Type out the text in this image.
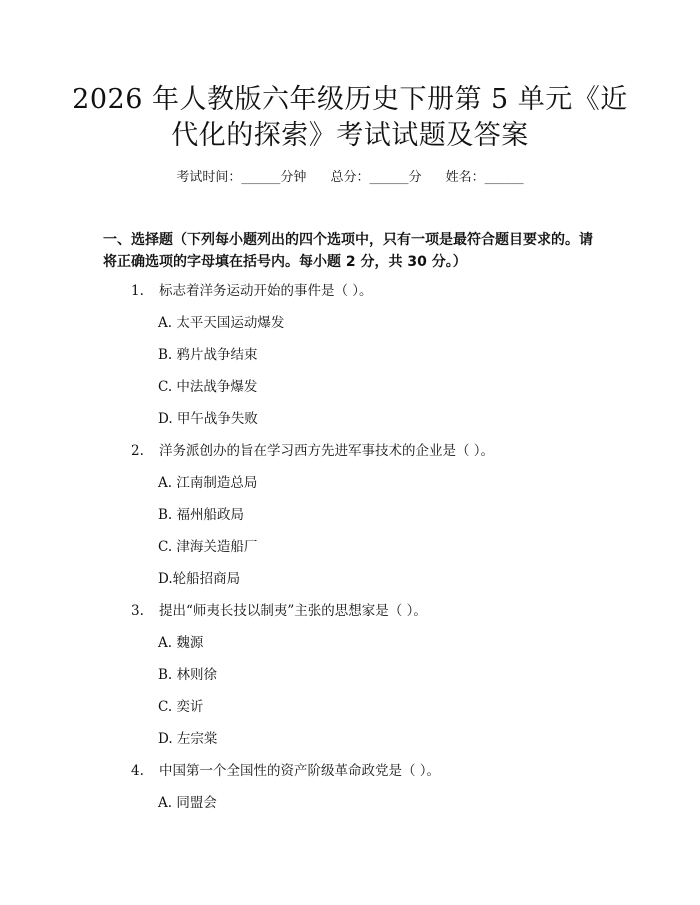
2026 年人教版六年级历史下册第 5 单元《近
代化的探索》考试试题及答案
考试时间：______分钟 总分：______分 姓名：______
一、选择题（下列每小题列出的四个选项中，只有一项是最符合题目要求的。请
将正确选项的字母填在括号内。每小题 2 分，共 30 分。）
1. 标志着洋务运动开始的事件是（ ）。
A. 太平天国运动爆发
B. 鸦片战争结束
C. 中法战争爆发
D. 甲午战争失败
2. 洋务派创办的旨在学习西方先进军事技术的企业是（ ）。
A. 江南制造总局
B. 福州船政局
C. 津海关造船厂
D.轮船招商局
3. 提出“师夷长技以制夷”主张的思想家是（ ）。
A. 魏源
B. 林则徐
C. 奕䜣
D. 左宗棠
4. 中国第一个全国性的资产阶级革命政党是（ ）。
A. 同盟会
